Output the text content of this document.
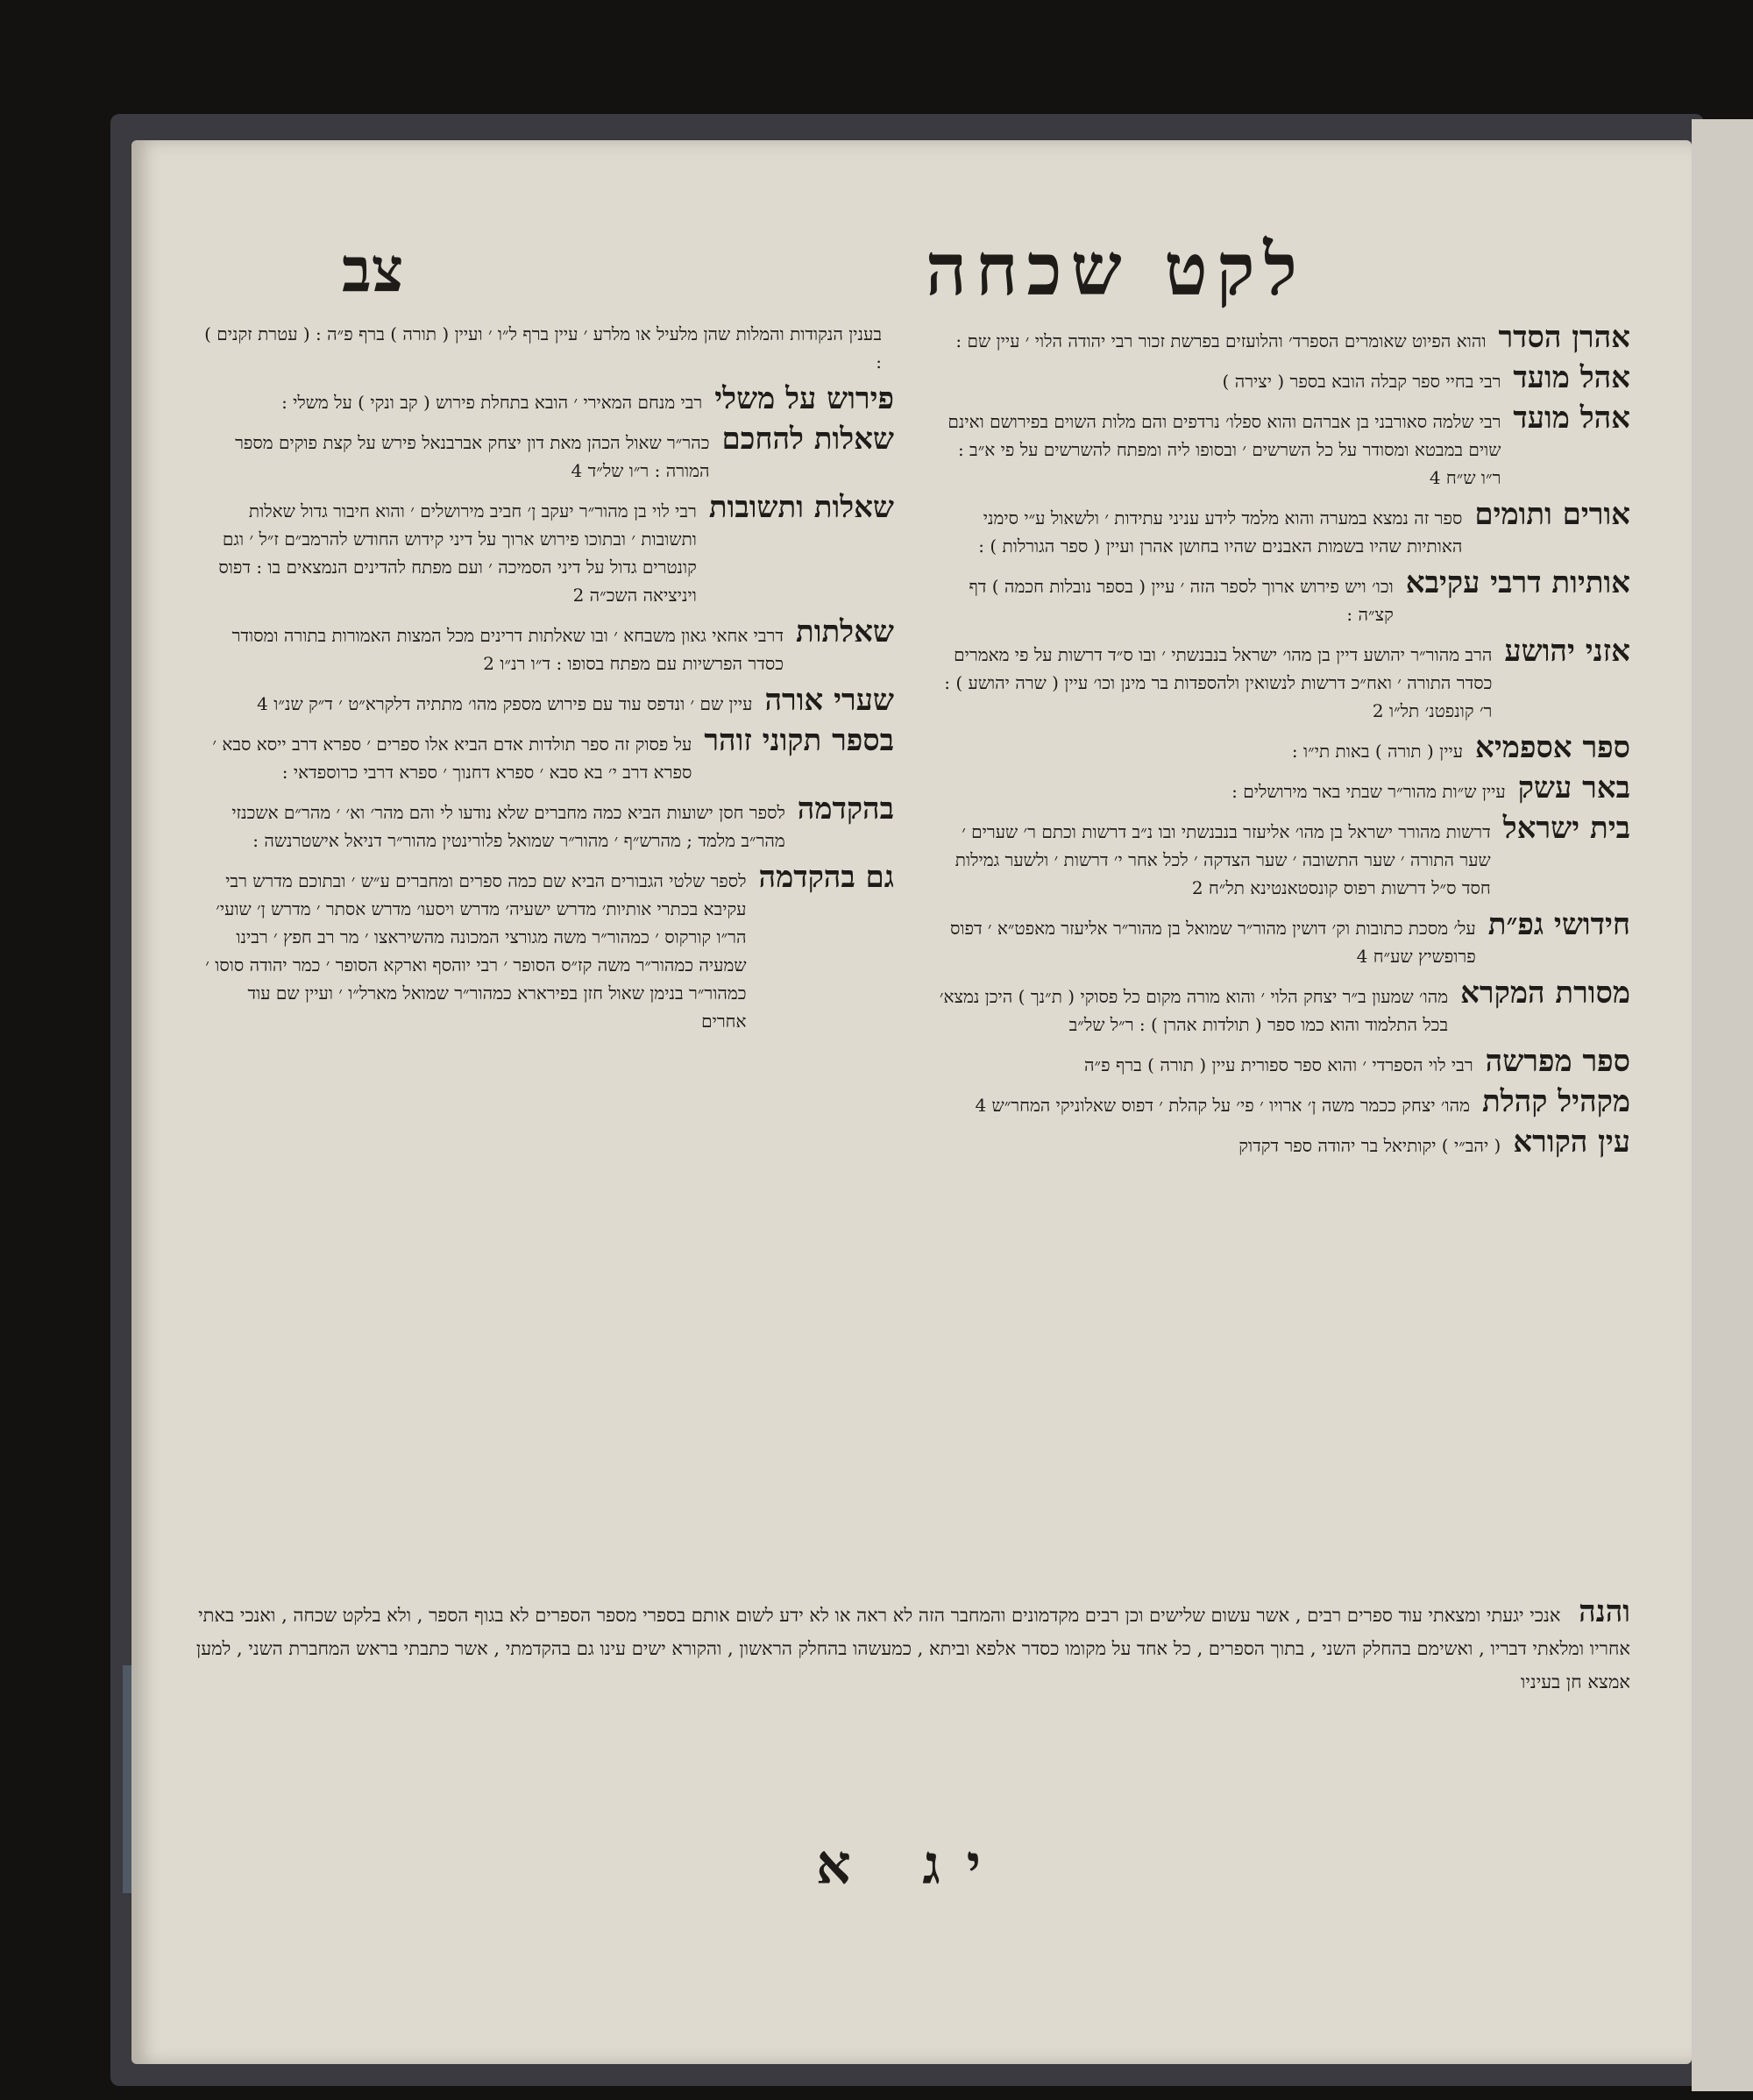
לקט שכחה
צב
אהרן הסדר
והוא הפיוט שאומרים הספרד׳ והלועזים בפרשת זכור רבי יהודה הלוי ׳ עיין שם :
אהל מועד
רבי בחיי ספר קבלה הובא בספר ( יצירה )
אהל מועד
רבי שלמה סאורבני בן אברהם והוא ספלו׳ נרדפים והם מלות השוים בפירושם ואינם שוים במבטא ומסודר על כל השרשים ׳ ובסופו ליה ומפתח להשרשים על פי א״ב : ר״ו ש״ח 4
אורים ותומים
ספר זה נמצא במערה והוא מלמד לידע עניני עתידות ׳ ולשאול ע״י סימני האותיות שהיו בשמות האבנים שהיו בחושן אהרן ועיין ( ספר הגורלות ) :
אותיות דרבי עקיבא
וכו׳ ויש פירוש ארוך לספר הזה ׳ עיין ( בספר נובלות חכמה ) דף קצ״ה :
אזני יהושע
הרב מהור״ר יהושע דיין בן מהו׳ ישראל בנבנשתי ׳ ובו ס״ד דרשות על פי מאמרים כסדר התורה ׳ ואח״כ דרשות לנשואין ולהספדות בר מינן וכו׳ עיין ( שרה יהושע ) : ר׳ קונפטנ׳ תל״ו 2
ספר אספמיא
עיין ( תורה ) באות תי״ו :
באר עשק
עיין ש״ות מהור״ר שבתי באר מירושלים :
בית ישראל
דרשות מהורר ישראל בן מהו׳ אליעזר בנבנשתי ובו נ״ב דרשות וכתם ר׳ שערים ׳ שער התורה ׳ שער התשובה ׳ שער הצדקה ׳ לכל אחר י׳ דרשות ׳ ולשער גמילות חסד ס״ל דרשות רפוס קונסטאנטינא תל״ח 2
חידושי גפ״ת
על׳ מסכת כתובות וק׳ דושין מהור״ר שמואל בן מהור״ר אליעזר מאפט״א ׳ דפוס פרופשיץ שע״ח 4
מסורת המקרא
מהו׳ שמעון ב״ר יצחק הלוי ׳ והוא מורה מקום כל פסוקי ( ת״נך ) היכן נמצא׳ בכל התלמוד והוא כמו ספר ( תולדות אהרן ) : ר״ל של״ב
ספר מפרשה
רבי לוי הספרדי ׳ והוא ספר ספורית עיין ( תורה ) ברף פ״ה
מקהיל קהלת
מהו׳ יצחק ככמר משה ן׳ ארויו ׳ פי׳ על קהלת ׳ דפוס שאלוניקי המחר״ש 4
עין הקורא
( יהב״י ) יקותיאל בר יהודה ספר דקדוק
בענין הנקודות והמלות שהן מלעיל או מלרע ׳ עיין ברף ל״ו ׳ ועיין ( תורה ) ברף פ״ה : ( עטרת זקנים ) :
פירוש על משלי
רבי מנחם המאירי ׳ הובא בתחלת פירוש ( קב ונקי ) על משלי :
שאלות להחכם
כהר״ר שאול הכהן מאת דון יצחק אברבנאל פירש על קצת פוקים מספר המורה : ר״ו של״ד 4
שאלות ותשובות
רבי לוי בן מהור״ר יעקב ן׳ חביב מירושלים ׳ והוא חיבור גדול שאלות ותשובות ׳ ובתוכו פירוש ארוך על דיני קידוש החודש להרמב״ם ז״ל ׳ וגם קונטרים גדול על דיני הסמיכה ׳ ועם מפתח להדינים הנמצאים בו : דפוס ויניציאה השכ״ה 2
שאלתות
דרבי אחאי גאון משבחא ׳ ובו שאלתות דרינים מכל המצות האמורות בתורה ומסודר כסדר הפרשיות עם מפתח בסופו : ד״ו רנ״ו 2
שערי אורה
עיין שם ׳ ונדפס עוד עם פירוש מספק מהו׳ מתתיה דלקרא״ט ׳ ד״ק שנ״ו 4
בספר תקוני זוהר
על פסוק זה ספר תולדות אדם הביא אלו ספרים ׳ ספרא דרב ייסא סבא ׳ ספרא דרב י׳ בא סבא ׳ ספרא דחנוך ׳ ספרא דרבי כרוספדאי :
בהקדמה
לספר חסן ישועות הביא כמה מחברים שלא נודעו לי והם מהר׳ וא׳ ׳ מהר״ם אשכנזי מהר״ב מלמד ; מהרש״ף ׳ מהור״ר שמואל פלורינטין מהור״ר דניאל אישטרנשה :
גם בהקדמה
לספר שלטי הגבורים הביא שם כמה ספרים ומחברים ע״ש ׳ ובתוכם מדרש רבי עקיבא בכתרי אותיות׳ מדרש ישעיה׳ מדרש ויסעו׳ מדרש אסתר ׳ מדרש ן׳ שועי׳ הר״ו קורקוס ׳ כמהור״ר משה מגורצי המכונה מהשיראצו ׳ מר רב חפץ ׳ רבינו שמעיה כמהור״ר משה קז״ס הסופר ׳ רבי יוהסף וארקא הסופר ׳ כמר יהודה סוסו ׳ כמהור״ר בנימן שאול חזן בפירארא כמהור״ר שמואל מארל״ו ׳ ועיין שם עוד אחרים
והנה אנכי יגעתי ומצאתי עוד ספרים רבים , אשר עשום שלישים וכן רבים מקדמונים והמחבר הזה לא ראה או לא ידע לשום אותם בספרי מספר הספרים לא בגוף הספר , ולא בלקט שכחה , ואנכי באתי אחריו ומלאתי דבריו , ואשימם בהחלק השני , בתוך הספרים , כל אחד על מקומו כסדר אלפא וביתא , כמעשהו בהחלק הראשון , והקורא ישים עינו גם בהקדמתי , אשר כתבתי בראש המחברת השני , למען אמצא חן בעיניו
יג א
